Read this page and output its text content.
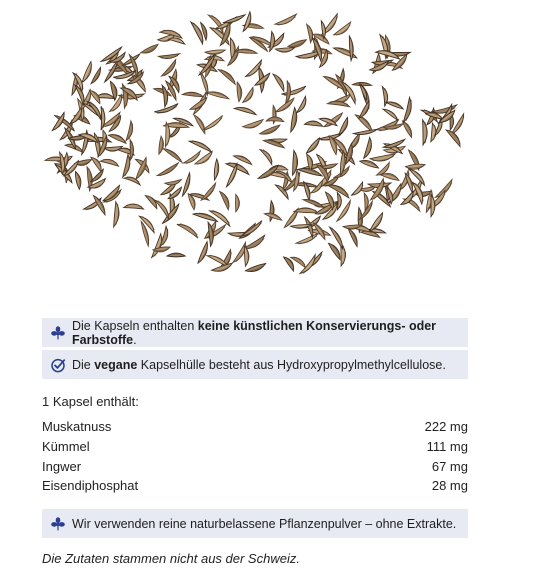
Die Kapseln enthalten keine künstlichen Konservierungs- oder Farbstoffe.
Die vegane Kapselhülle besteht aus Hydroxypropylmethylcellulose.
1 Kapsel enthält:
Muskatnuss	222 mg
Kümmel	111 mg
Ingwer	67 mg
Eisendiphosphat	28 mg
Wir verwenden reine naturbelassene Pflanzenpulver – ohne Extrakte.
Die Zutaten stammen nicht aus der Schweiz.
